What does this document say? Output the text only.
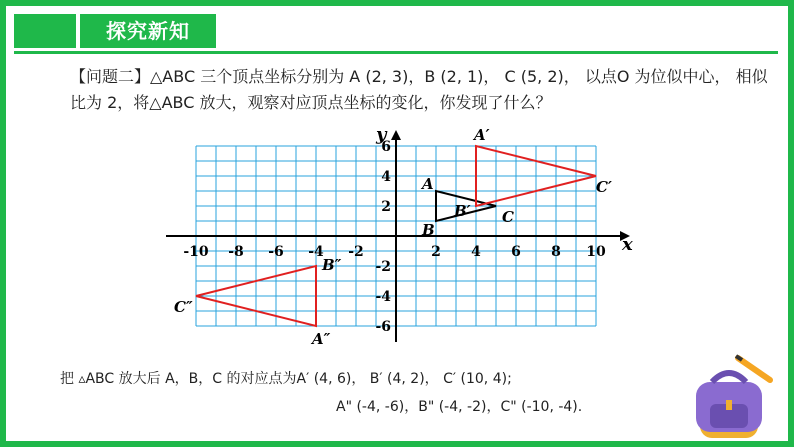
探究新知
【问题二】△ABC 三个顶点坐标分别为 A (2, 3)，B (2, 1)， C (5, 2)， 以点O 为位似中心， 相似比为 2，将△ABC 放大，观察对应顶点坐标的变化，你发现了什么？
x
y
-10 -8 -6 -4 -2	2 4 6 8 10
6
4
2
-2
-4
-6
A
B
C
A′
B′
C′
A″
B″
C″
把 ▵ABC 放大后 A，B，C 的对应点为A′ (4, 6)， B′ (4, 2)， C′ (10, 4);
A" (-4, -6)，B" (-4, -2)，C" (-10, -4).
